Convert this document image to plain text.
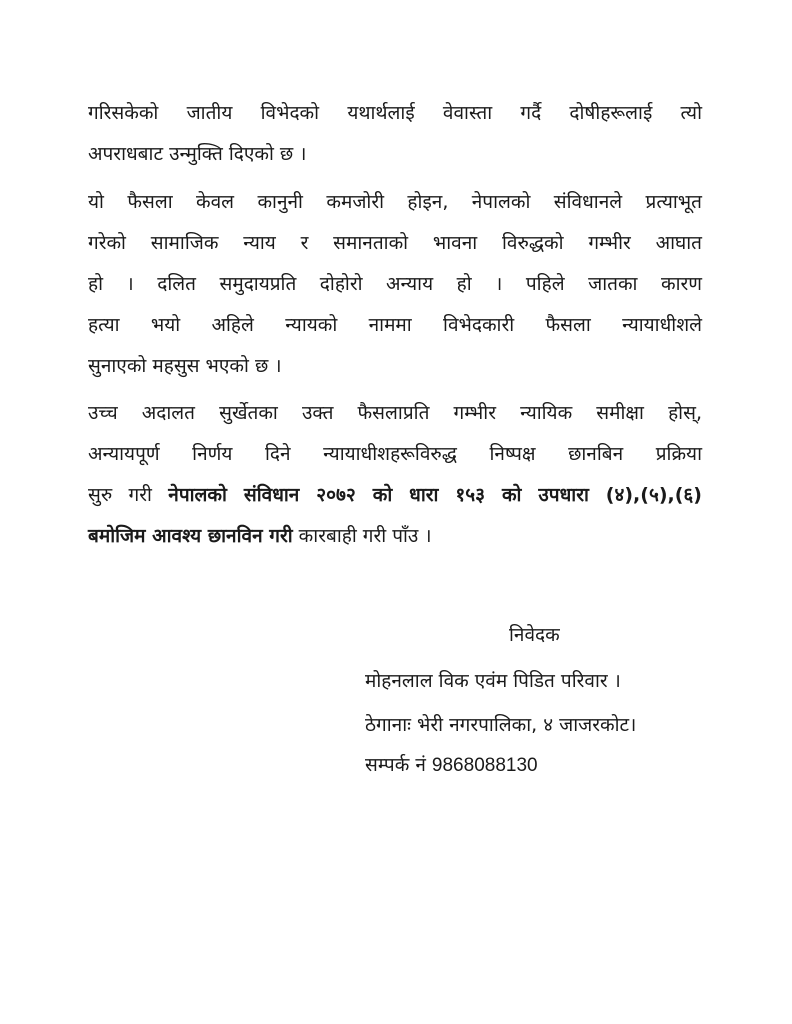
गरिसकेको जातीय विभेदको यथार्थलाई वेवास्ता गर्दै दोषीहरूलाई त्यो
अपराधबाट उन्मुक्ति दिएको छ ।
यो फैसला केवल कानुनी कमजोरी होइन, नेपालको संविधानले प्रत्याभूत
गरेको सामाजिक न्याय र समानताको भावना विरुद्धको गम्भीर आघात
हो । दलित समुदायप्रति दोहोरो अन्याय हो । पहिले जातका कारण
हत्या भयो अहिले न्यायको नाममा विभेदकारी फैसला न्यायाधीशले
सुनाएको महसुस भएको छ ।
उच्च अदालत सुर्खेतका उक्त फैसलाप्रति गम्भीर न्यायिक समीक्षा होस्,
अन्यायपूर्ण निर्णय दिने न्यायाधीशहरूविरुद्ध निष्पक्ष छानबिन प्रक्रिया
सुरु गरी नेपालको संविधान २०७२ को धारा १५३ को उपधारा (४),(५),(६)
बमोजिम आवश्य छानविन गरी कारबाही गरी पाँउ ।
निवेदक
मोहनलाल विक एवंम पिडित परिवार ।
ठेगानाः भेरी नगरपालिका, ४ जाजरकोट।
सम्पर्क नं 9868088130
